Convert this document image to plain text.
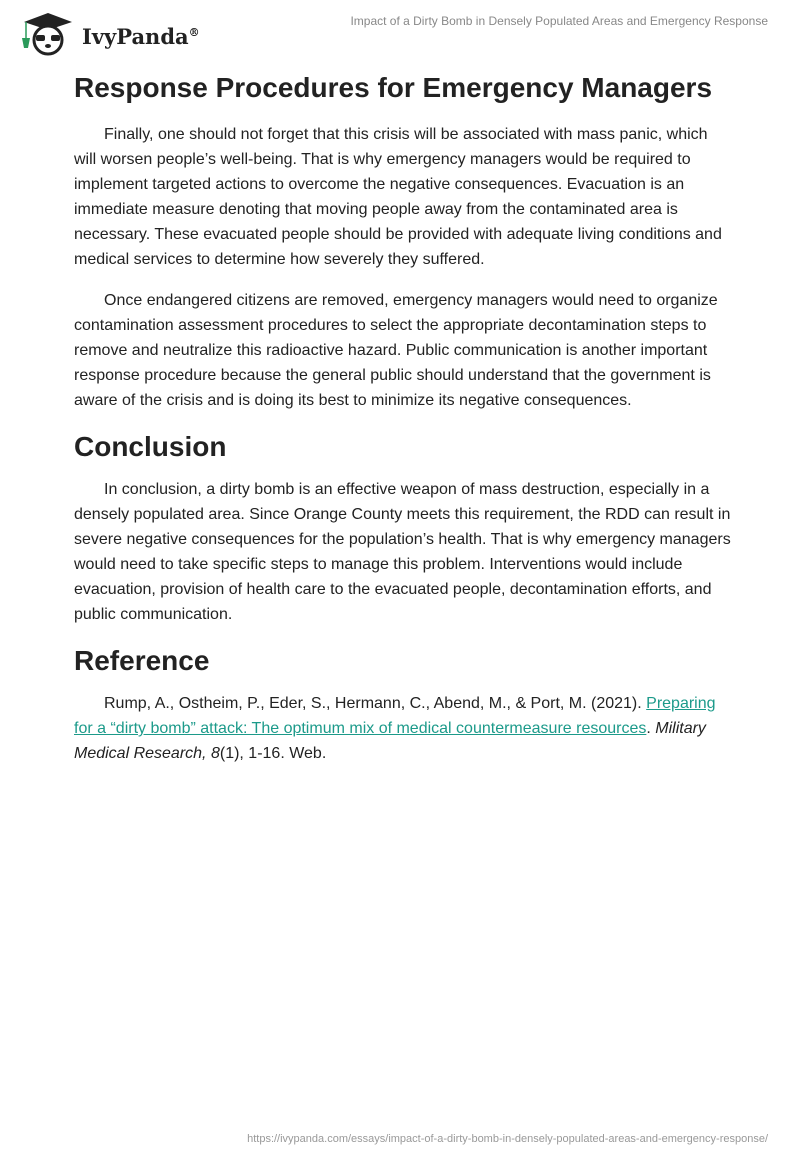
IvyPanda®
Impact of a Dirty Bomb in Densely Populated Areas and Emergency Response
Response Procedures for Emergency Managers

Finally, one should not forget that this crisis will be associated with mass panic, which will worsen people’s well-being. That is why emergency managers would be required to implement targeted actions to overcome the negative consequences. Evacuation is an immediate measure denoting that moving people away from the contaminated area is necessary. These evacuated people should be provided with adequate living conditions and medical services to determine how severely they suffered.

Once endangered citizens are removed, emergency managers would need to organize contamination assessment procedures to select the appropriate decontamination steps to remove and neutralize this radioactive hazard. Public communication is another important response procedure because the general public should understand that the government is aware of the crisis and is doing its best to minimize its negative consequences.

Conclusion

In conclusion, a dirty bomb is an effective weapon of mass destruction, especially in a densely populated area. Since Orange County meets this requirement, the RDD can result in severe negative consequences for the population’s health. That is why emergency managers would need to take specific steps to manage this problem. Interventions would include evacuation, provision of health care to the evacuated people, decontamination efforts, and public communication.

Reference

Rump, A., Ostheim, P., Eder, S., Hermann, C., Abend, M., & Port, M. (2021). Preparing for a “dirty bomb” attack: The optimum mix of medical countermeasure resources. Military Medical Research, 8(1), 1-16. Web.

https://ivypanda.com/essays/impact-of-a-dirty-bomb-in-densely-populated-areas-and-emergency-response/
